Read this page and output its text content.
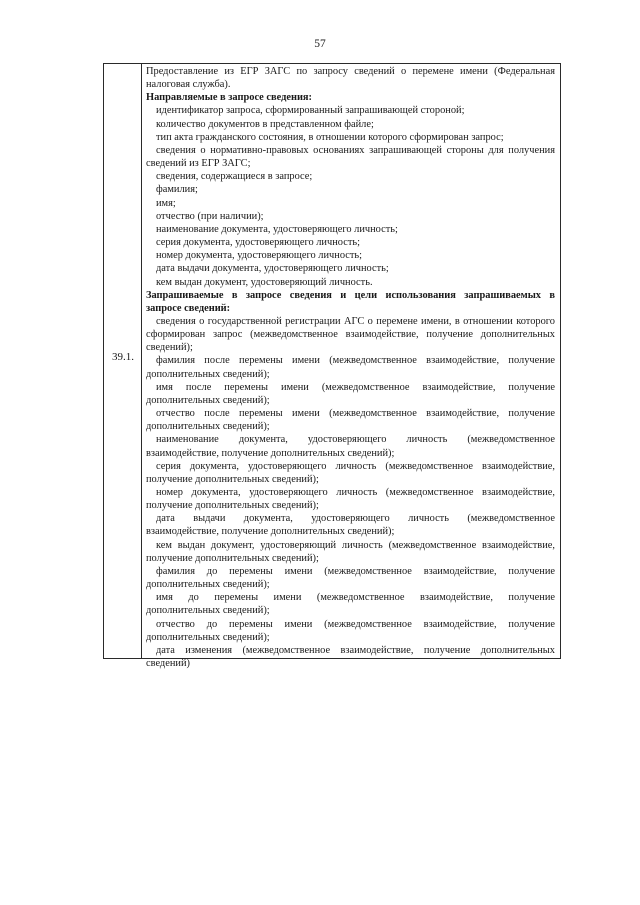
57
39.1.
Предоставление из ЕГР ЗАГС по запросу сведений о перемене имени (Федеральная
налоговая служба).
Направляемые в запросе сведения:
идентификатор запроса, сформированный запрашивающей стороной;
количество документов в представленном файле;
тип акта гражданского состояния, в отношении которого сформирован запрос;
сведения о нормативно-правовых основаниях запрашивающей стороны для получения
сведений из ЕГР ЗАГС;
сведения, содержащиеся в запросе;
фамилия;
имя;
отчество (при наличии);
наименование документа, удостоверяющего личность;
серия документа, удостоверяющего личность;
номер документа, удостоверяющего личность;
дата выдачи документа, удостоверяющего личность;
кем выдан документ, удостоверяющий личность.
Запрашиваемые в запросе сведения и цели использования запрашиваемых в
запросе сведений:
сведения о государственной регистрации АГС о перемене имени, в отношении которого
сформирован запрос (межведомственное взаимодействие, получение дополнительных
сведений);
фамилия после перемены имени (межведомственное взаимодействие, получение
дополнительных сведений);
имя после перемены имени (межведомственное взаимодействие, получение
дополнительных сведений);
отчество после перемены имени (межведомственное взаимодействие, получение
дополнительных сведений);
наименование документа, удостоверяющего личность (межведомственное
взаимодействие, получение дополнительных сведений);
серия документа, удостоверяющего личность (межведомственное взаимодействие,
получение дополнительных сведений);
номер документа, удостоверяющего личность (межведомственное взаимодействие,
получение дополнительных сведений);
дата выдачи документа, удостоверяющего личность (межведомственное
взаимодействие, получение дополнительных сведений);
кем выдан документ, удостоверяющий личность (межведомственное взаимодействие,
получение дополнительных сведений);
фамилия до перемены имени (межведомственное взаимодействие, получение
дополнительных сведений);
имя до перемены имени (межведомственное взаимодействие, получение
дополнительных сведений);
отчество до перемены имени (межведомственное взаимодействие, получение
дополнительных сведений);
дата изменения (межведомственное взаимодействие, получение дополнительных
сведений)
